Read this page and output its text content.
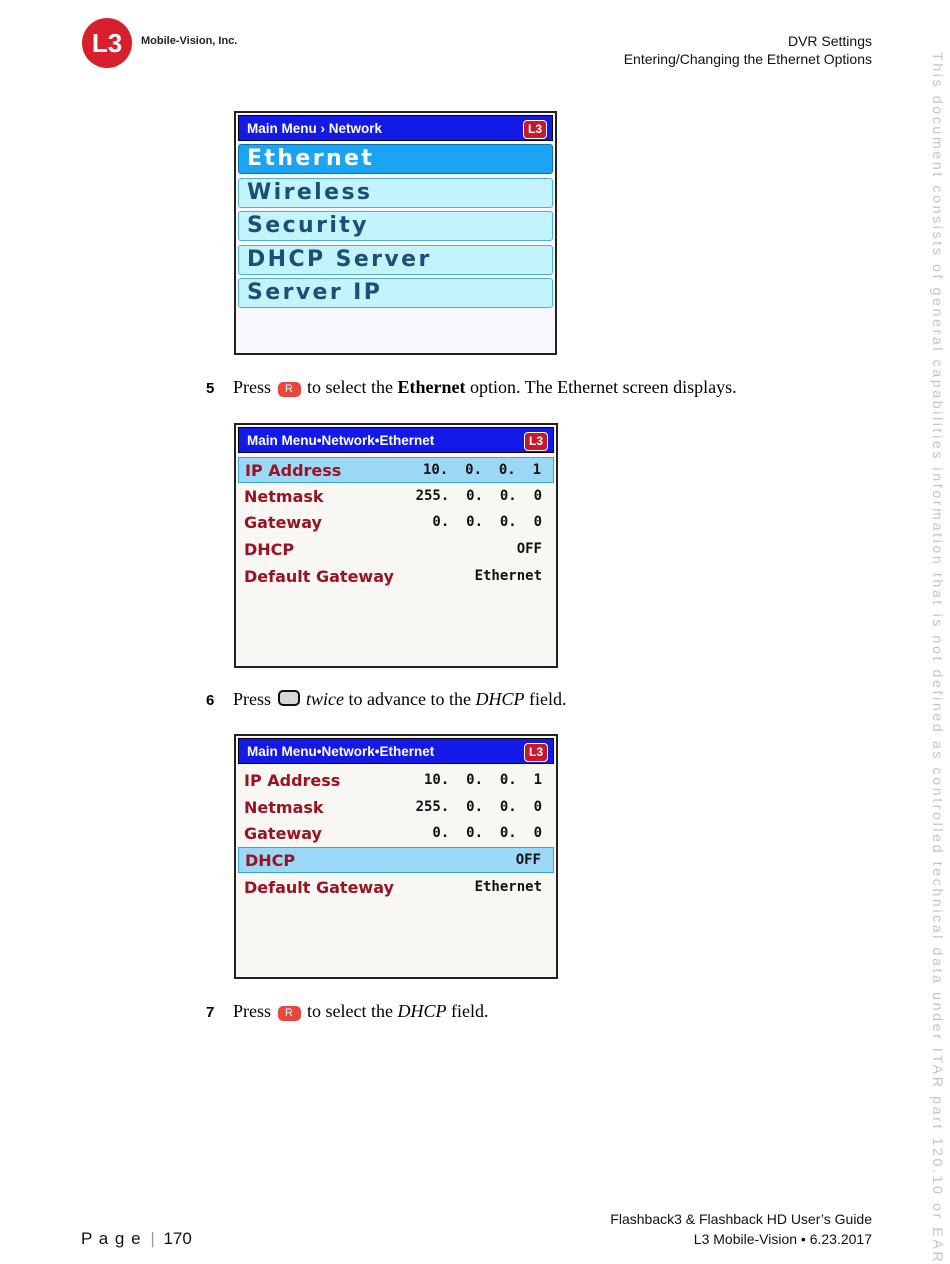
L3 Mobile-Vision, Inc.	DVR Settings
Entering/Changing the Ethernet Options	This document consists of general capabilities information that is not defined as controlled technical data under ITAR part 120.10 or EAR
Main Menu › Network	L3
Ethernet
Wireless
Security
DHCP Server
Server IP
5 Press R to select the Ethernet option. The Ethernet screen displays.
Main Menu•Network•Ethernet	L3
IP Address	10.  0.  0.  1
Netmask	255.  0.  0.  0
Gateway	0.  0.  0.  0
DHCP	OFF
Default Gateway	Ethernet
6 Press twice to advance to the DHCP field.
Main Menu•Network•Ethernet	L3
IP Address	10.  0.  0.  1
Netmask	255.  0.  0.  0
Gateway	0.  0.  0.  0
DHCP	OFF
Default Gateway	Ethernet
7 Press R to select the DHCP field.
P a g e | 170
Flashback3 & Flashback HD User’s Guide
L3 Mobile-Vision • 6.23.2017
